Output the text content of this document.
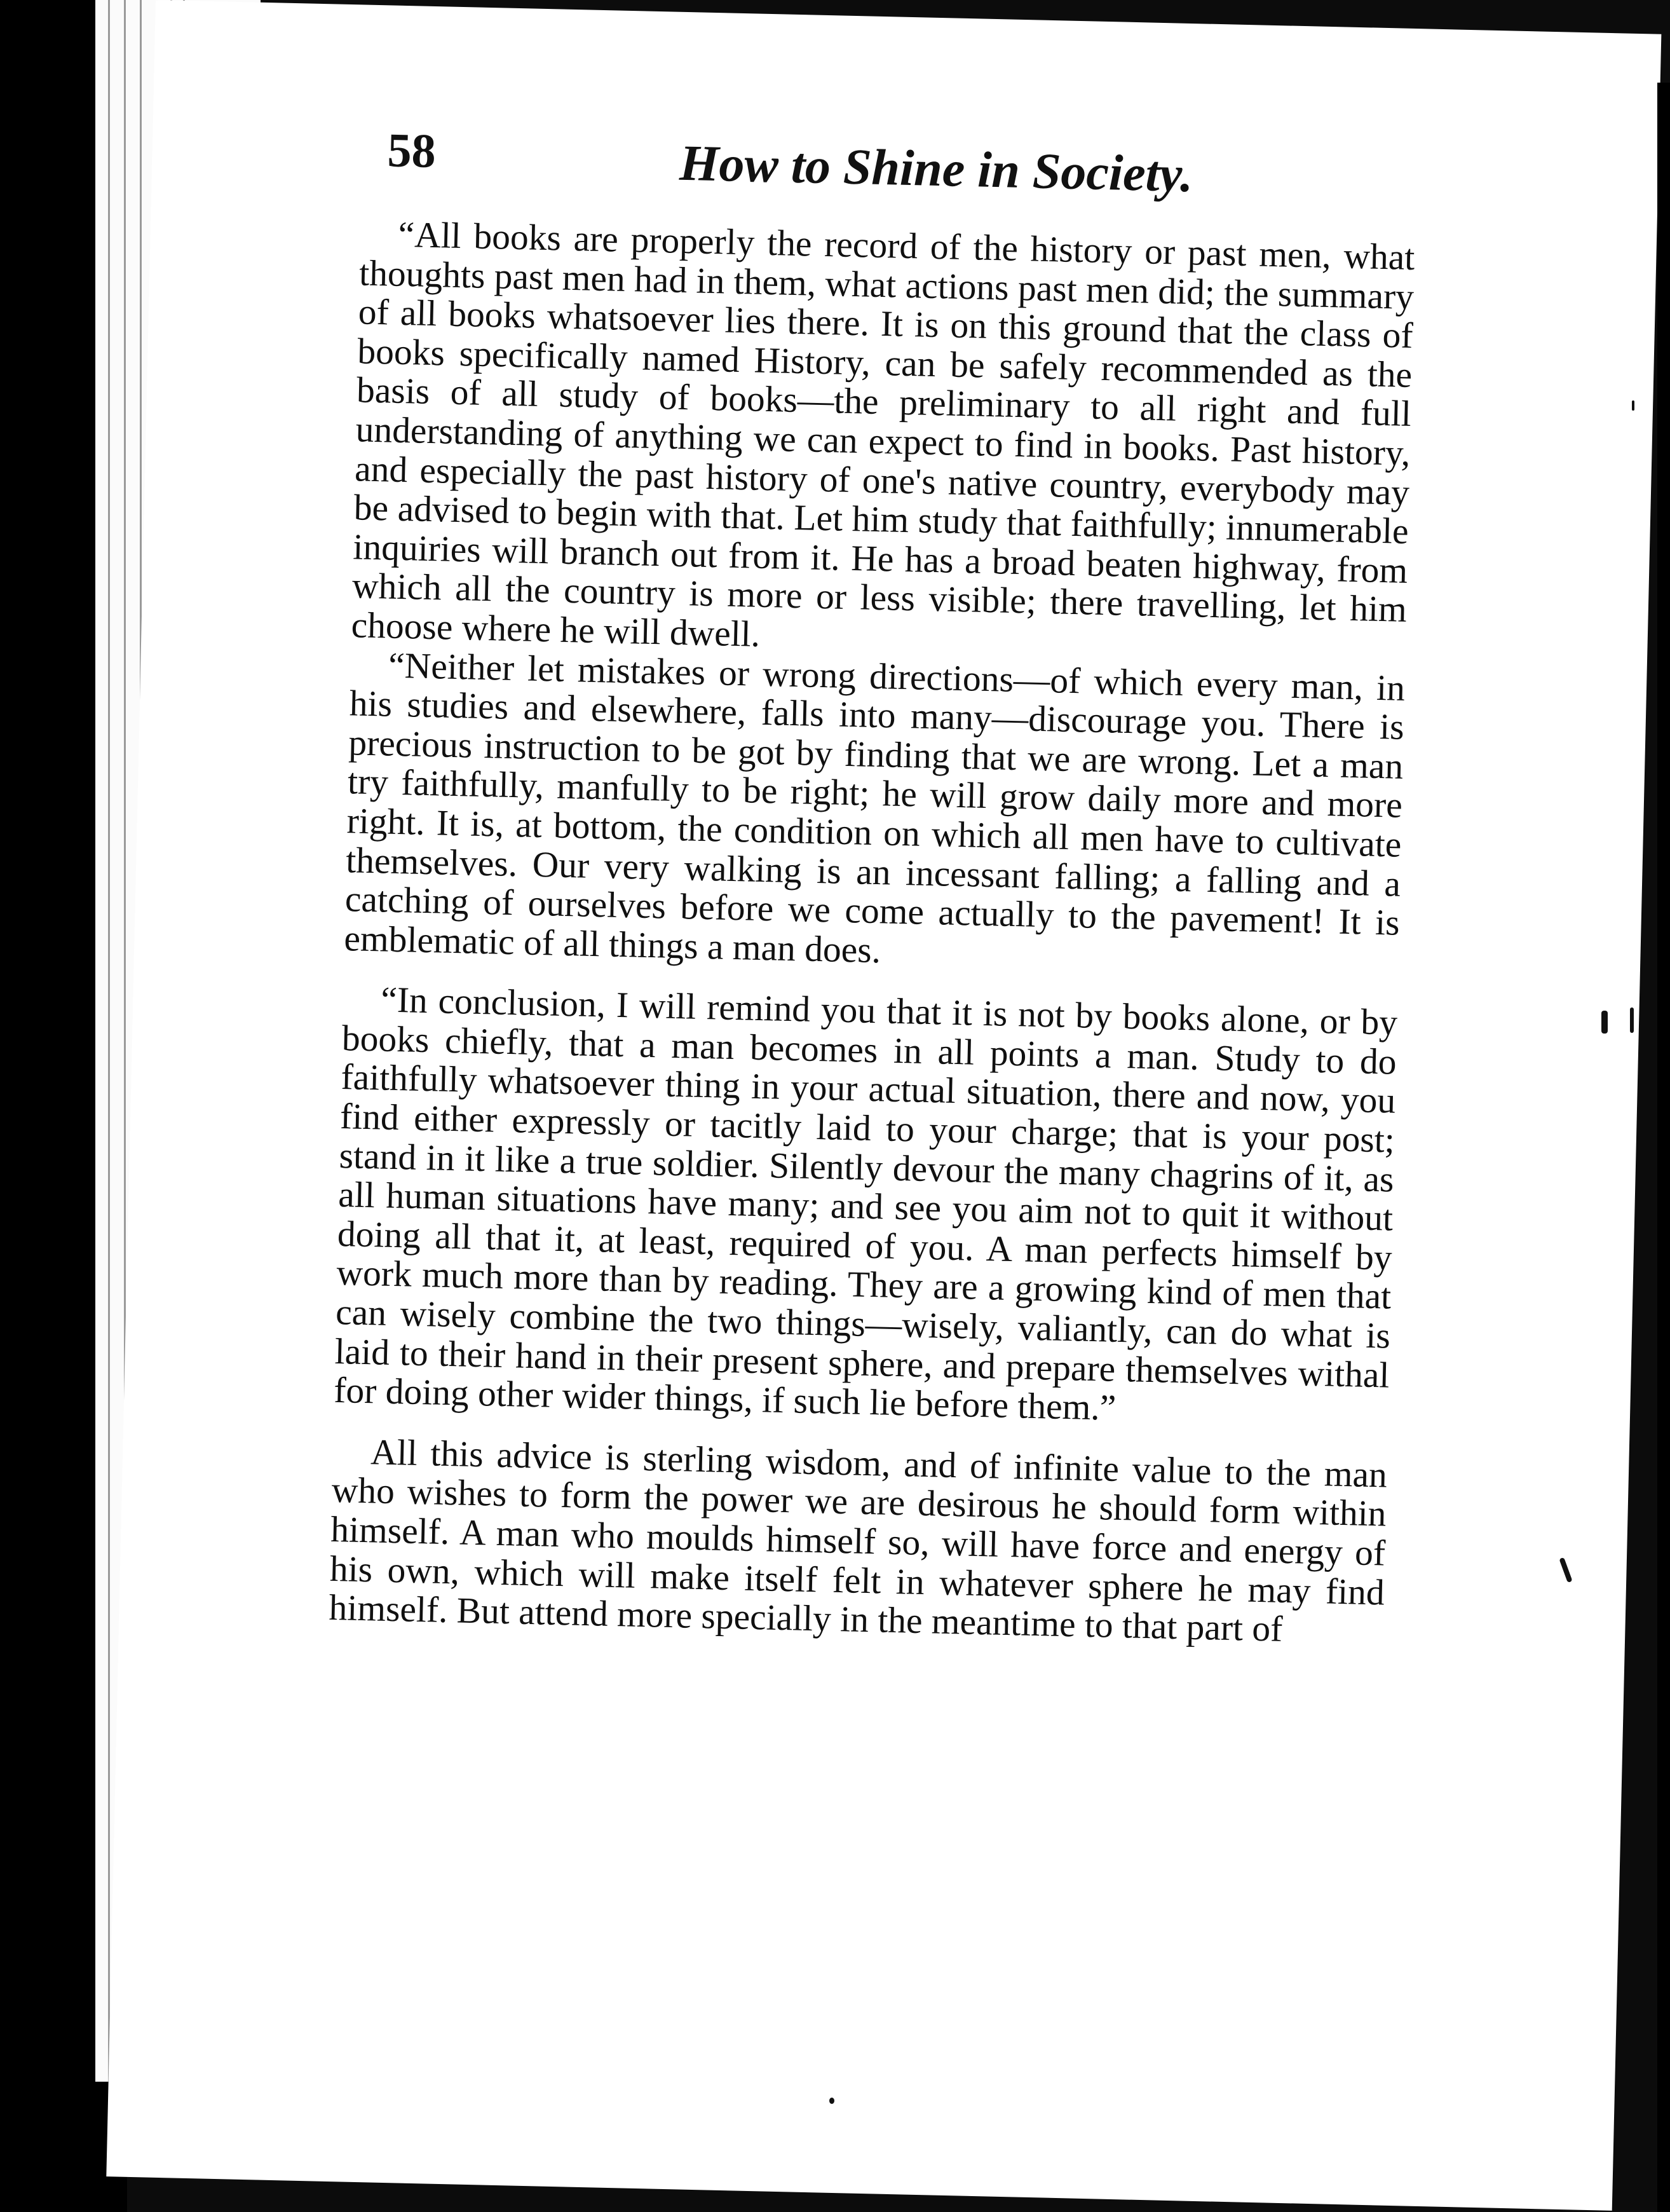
58	How to Shine in Society.

“All books are properly the record of the history or past men, what thoughts past men had in them, what actions past men did; the summary of all books whatsoever lies there. It is on this ground that the class of books specifically named History, can be safely recommended as the basis of all study of books—the preliminary to all right and full understanding of anything we can expect to find in books. Past history, and especially the past history of one's native country, everybody may be advised to begin with that. Let him study that faithfully; innumerable inquiries will branch out from it. He has a broad beaten highway, from which all the country is more or less visible; there travelling, let him choose where he will dwell.

“Neither let mistakes or wrong directions—of which every man, in his studies and elsewhere, falls into many—discourage you. There is precious instruction to be got by finding that we are wrong. Let a man try faithfully, manfully to be right; he will grow daily more and more right. It is, at bottom, the condition on which all men have to cultivate themselves. Our very walking is an incessant falling; a falling and a catching of ourselves before we come actually to the pavement! It is emblematic of all things a man does.

“In conclusion, I will remind you that it is not by books alone, or by books chiefly, that a man becomes in all points a man. Study to do faithfully whatsoever thing in your actual situation, there and now, you find either expressly or tacitly laid to your charge; that is your post; stand in it like a true soldier. Silently devour the many chagrins of it, as all human situations have many; and see you aim not to quit it without doing all that it, at least, required of you. A man perfects himself by work much more than by reading. They are a growing kind of men that can wisely combine the two things—wisely, valiantly, can do what is laid to their hand in their present sphere, and prepare themselves withal for doing other wider things, if such lie before them.”

All this advice is sterling wisdom, and of infinite value to the man who wishes to form the power we are desirous he should form within himself. A man who moulds himself so, will have force and energy of his own, which will make itself felt in whatever sphere he may find himself. But attend more specially in the meantime to that part of
